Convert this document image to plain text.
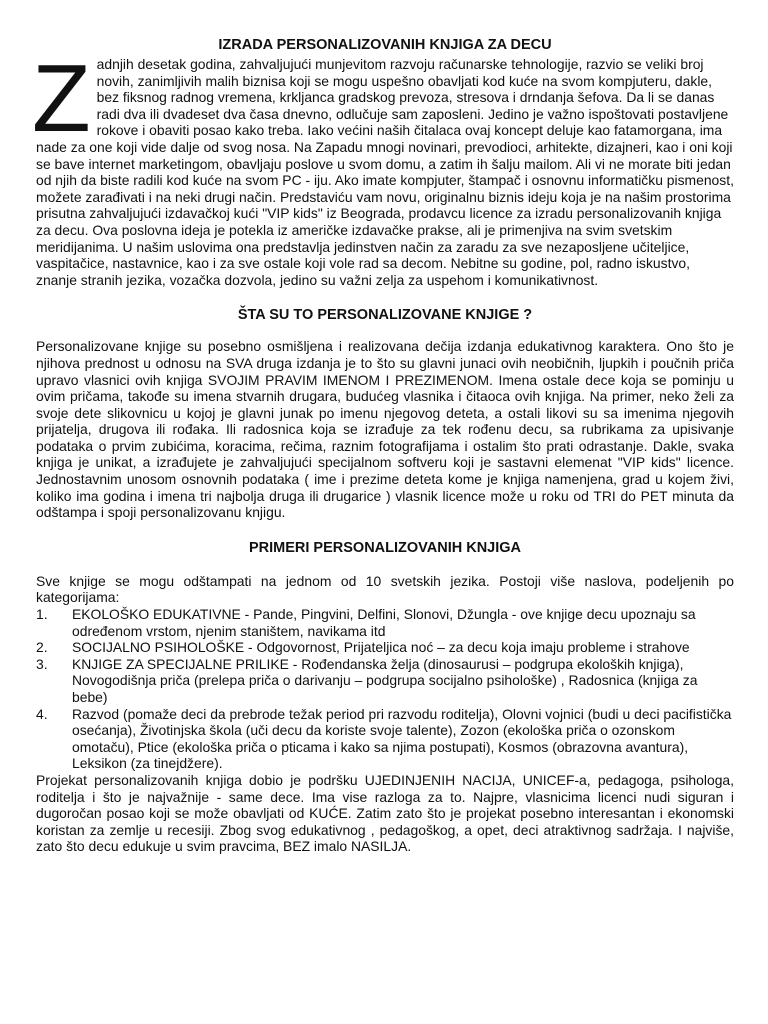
IZRADA PERSONALIZOVANIH KNJIGA ZA DECU

Zadnjih desetak godina, zahvaljujući munjevitom razvoju računarske tehnologije, razvio se veliki broj novih, zanimljivih malih biznisa koji se mogu uspešno obavljati kod kuće na svom kompjuteru, dakle, bez fiksnog radnog vremena, krkljanca gradskog prevoza, stresova i drndanja šefova. Da li se danas radi dva ili dvadeset dva časa dnevno, odlučuje sam zaposleni. Jedino je važno ispoštovati postavljene rokove i obaviti posao kako treba. Iako većini naših čitalaca ovaj koncept deluje kao fatamorgana, ima nade za one koji vide dalje od svog nosa. Na Zapadu mnogi novinari, prevodioci, arhitekte, dizajneri, kao i oni koji se bave internet marketingom, obavljaju poslove u svom domu, a zatim ih šalju mailom. Ali vi ne morate biti jedan od njih da biste radili kod kuće na svom PC - iju. Ako imate kompjuter, štampač i osnovnu informatičku pismenost, možete zarađivati i na neki drugi način. Predstaviću vam novu, originalnu biznis ideju koja je na našim prostorima prisutna zahvaljujući izdavačkoj kući "VIP kids" iz Beograda, prodavcu licence za izradu personalizovanih knjiga za decu. Ova poslovna ideja je potekla iz američke izdavačke prakse, ali je primenjiva na svim svetskim meridijanima. U našim uslovima ona predstavlja jedinstven način za zaradu za sve nezaposljene učiteljice, vaspitačice, nastavnice, kao i za sve ostale koji vole rad sa decom. Nebitne su godine, pol, radno iskustvo, znanje stranih jezika, vozačka dozvola, jedino su važni zelja za uspehom i komunikativnost.

ŠTA SU TO PERSONALIZOVANE KNJIGE ?

Personalizovane knjige su posebno osmišljena i realizovana dečija izdanja edukativnog karaktera. Ono što je njihova prednost u odnosu na SVA druga izdanja je to što su glavni junaci ovih neobičnih, ljupkih i poučnih priča upravo vlasnici ovih knjiga SVOJIM PRAVIM IMENOM I PREZIMENOM. Imena ostale dece koja se pominju u ovim pričama, takođe su imena stvarnih drugara, budućeg vlasnika i čitaoca ovih knjiga. Na primer, neko želi za svoje dete slikovnicu u kojoj je glavni junak po imenu njegovog deteta, a ostali likovi su sa imenima njegovih prijatelja, drugova ili rođaka. Ili radosnica koja se izrađuje za tek rođenu decu, sa rubrikama za upisivanje podataka o prvim zubićima, koracima, rečima, raznim fotografijama i ostalim što prati odrastanje. Dakle, svaka knjiga je unikat, a izrađujete je zahvaljujući specijalnom softveru koji je sastavni elemenat "VIP kids" licence. Jednostavnim unosom osnovnih podataka ( ime i prezime deteta kome je knjiga namenjena, grad u kojem živi, koliko ima godina i imena tri najbolja druga ili drugarice ) vlasnik licence može u roku od TRI do PET minuta da odštampa i spoji personalizovanu knjigu.

PRIMERI PERSONALIZOVANIH KNJIGA

Sve knjige se mogu odštampati na jednom od 10 svetskih jezika. Postoji više naslova, podeljenih po kategorijama:

1. EKOLOŠKO EDUKATIVNE - Pande, Pingvini, Delfini, Slonovi, Džungla - ove knjige decu upoznaju sa određenom vrstom, njenim staništem, navikama itd
2. SOCIJALNO PSIHOLOŠKE - Odgovornost, Prijateljica noć – za decu koja imaju probleme i strahove
3. KNJIGE ZA SPECIJALNE PRILIKE - Rođendanska želja (dinosaurusi – podgrupa ekoloških knjiga), Novogodišnja priča (prelepa priča o darivanju – podgrupa socijalno psihološke) , Radosnica (knjiga za bebe)
4. Razvod (pomaže deci da prebrode težak period pri razvodu roditelja), Olovni vojnici (budi u deci pacifistička osećanja), Životinjska škola (uči decu da koriste svoje talente), Zozon (ekološka priča o ozonskom omotaču), Ptice (ekološka priča o pticama i kako sa njima postupati), Kosmos (obrazovna avantura), Leksikon (za tinejdžere).

Projekat personalizovanih knjiga dobio je podršku UJEDINJENIH NACIJA, UNICEF-a, pedagoga, psihologa, roditelja i što je najvažnije - same dece. Ima vise razloga za to. Najpre, vlasnicima licenci nudi siguran i dugoročan posao koji se može obavljati od KUĆE. Zatim zato što je projekat posebno interesantan i ekonomski koristan za zemlje u recesiji. Zbog svog edukativnog , pedagoškog, a opet, deci atraktivnog sadržaja. I najviše, zato što decu edukuje u svim pravcima, BEZ imalo NASILJA.
